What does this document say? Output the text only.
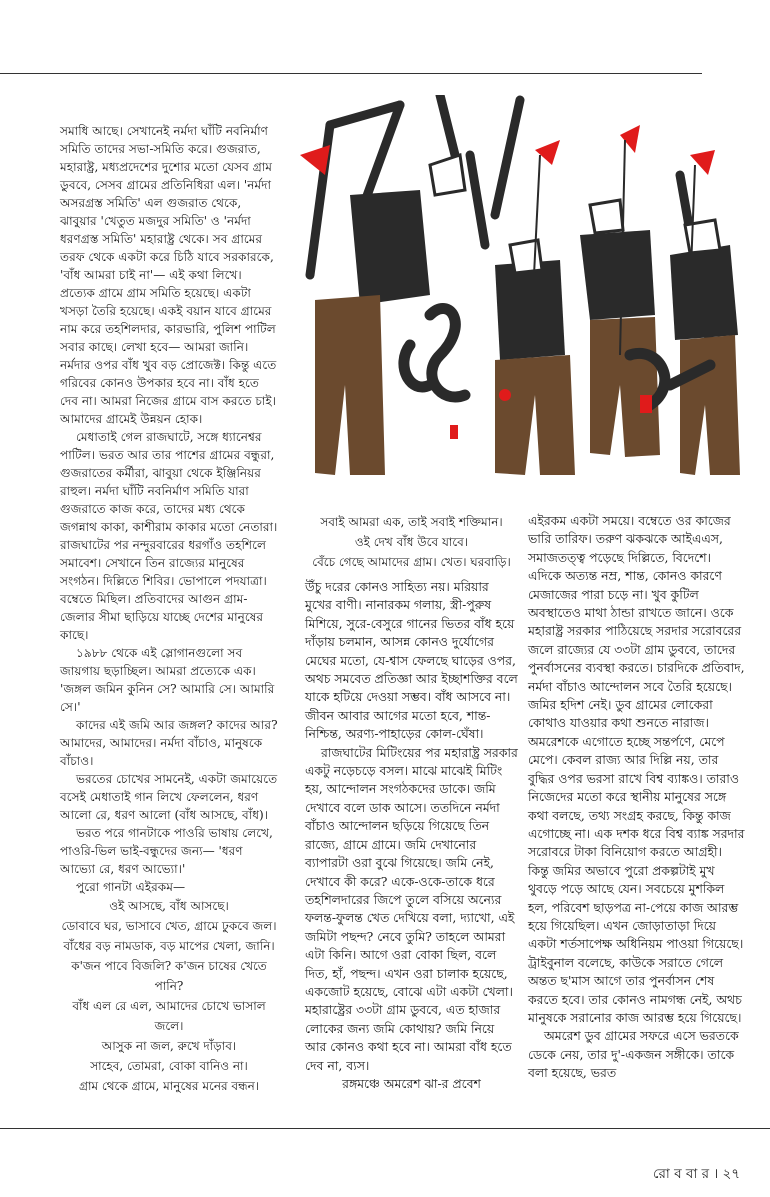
সমাধি আছে। সেখানেই নর্মদা ঘাঁটি নবনির্মাণ সমিতি তাদের সভা-সমিতি করে। গুজরাত, মহারাষ্ট্র, মধ্যপ্রদেশের দুশোর মতো যেসব গ্রাম ডুববে, সেসব গ্রামের প্রতিনিধিরা এল। 'নর্মদা অসরগ্রস্ত সমিতি' এল গুজরাত থেকে, ঝাবুয়ার 'খেতুত মজদুর সমিতি' ও 'নর্মদা ধরণগ্রস্ত সমিতি' মহারাষ্ট্র থেকে। সব গ্রামের তরফ থেকে একটা করে চিঠি যাবে সরকারকে, 'বাঁধ আমরা চাই না'— এই কথা লিখে। প্রত্যেক গ্রামে গ্রাম সমিতি হয়েছে। একটা খসড়া তৈরি হয়েছে। একই বয়ান যাবে গ্রামের নাম করে তহশিলদার, কারভারি, পুলিশ পাটিল সবার কাছে। লেখা হবে— আমরা জানি। নর্মদার ওপর বাঁধ খুব বড় প্রোজেক্ট। কিন্তু এতে গরিবের কোনও উপকার হবে না। বাঁধ হতে দেব না। আমরা নিজের গ্রামে বাস করতে চাই। আমাদের গ্রামেই উন্নয়ন হোক।

মেধাতাই গেল রাজঘাটে, সঙ্গে ধ্যানেশ্বর পাটিল। ভরত আর তার পাশের গ্রামের বন্ধুরা, গুজরাতের কর্মীরা, ঝাবুয়া থেকে ইঞ্জিনিয়র রাহুল। নর্মদা ঘাঁটি নবনির্মাণ সমিতি যারা গুজরাতে কাজ করে, তাদের মধ্য থেকে জগন্নাথ কাকা, কাশীরাম কাকার মতো নেতারা। রাজঘাটের পর নন্দুরবারের ধরগাঁও তহশিলে সমাবেশ। সেখানে তিন রাজ্যের মানুষের সংগঠন। দিল্লিতে শিবির। ভোপালে পদযাত্রা। বম্বেতে মিছিল। প্রতিবাদের আগুন গ্রাম-জেলার সীমা ছাড়িয়ে যাচ্ছে দেশের মানুষের কাছে।

১৯৮৮ থেকে এই স্লোগানগুলো সব জায়গায় ছড়াচ্ছিল। আমরা প্রত্যেকে এক। 'জঙ্গল জমিন কুনিন সে? আমারি সে। আমারি সে।'

কাদের এই জমি আর জঙ্গল? কাদের আর? আমাদের, আমাদের। নর্মদা বাঁচাও, মানুষকে বাঁচাও।

ভরতের চোখের সামনেই, একটা জমায়েতে বসেই মেধাতাই গান লিখে ফেললেন, ধরণ আলো রে, ধরণ আলো (বাঁধ আসছে, বাঁধ)।

ভরত পরে গানটাকে পাওরি ভাষায় লেখে, পাওরি-ভিল ভাই-বন্ধুদের জন্য— 'ধরণ আভ্যো রে, ধরণ আভ্যো।'

পুরো গানটা এইরকম—

ওই আসছে, বাঁধ আসছে।

ডোবাবে ঘর, ভাসাবে খেত, গ্রামে ঢুকবে জল।

বাঁধের বড় নামডাক, বড় মাপের খেলা, জানি।

ক'জন পাবে বিজলি? ক'জন চাষের খেতে পানি?

বাঁধ এল রে এল, আমাদের চোখে ভাসাল জলে।

আসুক না জল, রুখে দাঁড়াব।

সাহেব, তোমরা, বোকা বানিও না।

গ্রাম থেকে গ্রামে, মানুষের মনের বন্ধন।

সবাই আমরা এক, তাই সবাই শক্তিমান।

ওই দেখ বাঁধ উবে যাবে।

বেঁচে গেছে আমাদের গ্রাম। খেত। ঘরবাড়ি।

উঁচু দরের কোনও সাহিত্য নয়। মরিয়ার মুখের বাণী। নানারকম গলায়, স্ত্রী-পুরুষ মিশিয়ে, সুরে-বেসুরে গানের ভিতর বাঁধ হয়ে দাঁড়ায় চলমান, আসন্ন কোনও দুর্যোগের মেঘের মতো, যে-শ্বাস ফেলছে ঘাড়ের ওপর, অথচ সমবেত প্রতিজ্ঞা আর ইচ্ছাশক্তির বলে যাকে হটিয়ে দেওয়া সম্ভব। বাঁধ আসবে না। জীবন আবার আগের মতো হবে, শান্ত-নিশ্চিন্ত, অরণ্য-পাহাড়ের কোল-ঘেঁষা।

রাজঘাটের মিটিংয়ের পর মহারাষ্ট্র সরকার একটু নড়েচড়ে বসল। মাঝে মাঝেই মিটিং হয়, আন্দোলন সংগঠকদের ডাকে। জমি দেখাবে বলে ডাক আসে। ততদিনে নর্মদা বাঁচাও আন্দোলন ছড়িয়ে গিয়েছে তিন রাজ্যে, গ্রামে গ্রামে। জমি দেখানোর ব্যাপারটা ওরা বুঝে গিয়েছে। জমি নেই, দেখাবে কী করে? একে-ওকে-তাকে ধরে তহশিলদারের জিপে তুলে বসিয়ে অন্যের ফলন্ত-ফুলন্ত খেত দেখিয়ে বলা, দ্যাখো, এই জমিটা পছন্দ? নেবে তুমি? তাহলে আমরা এটা কিনি। আগে ওরা বোকা ছিল, বলে দিত, হাঁ, পছন্দ। এখন ওরা চালাক হয়েছে, একজোট হয়েছে, বোঝে এটা একটা খেলা। মহারাষ্ট্রের ৩৩টা গ্রাম ডুববে, এত হাজার লোকের জন্য জমি কোথায়? জমি নিয়ে আর কোনও কথা হবে না। আমরা বাঁধ হতে দেব না, ব্যস।

রঙ্গমঞ্চে অমরেশ ঝা-র প্রবেশ

এইরকম একটা সময়ে। বম্বেতে ওর কাজের ভারি তারিফ। তরুণ ঝকঝকে আইএএস, সমাজতত্ত্ব পড়েছে দিল্লিতে, বিদেশে। এদিকে অত্যন্ত নম্র, শান্ত, কোনও কারণে মেজাজের পারা চড়ে না। খুব কুটিল অবস্থাতেও মাথা ঠান্ডা রাখতে জানে। ওকে মহারাষ্ট্র সরকার পাঠিয়েছে সরদার সরোবরের জলে রাজ্যের যে ৩৩টা গ্রাম ডুববে, তাদের পুনর্বাসনের ব্যবস্থা করতে। চারদিকে প্রতিবাদ, নর্মদা বাঁচাও আন্দোলন সবে তৈরি হয়েছে। জমির হদিশ নেই। ডুব গ্রামের লোকেরা কোথাও যাওয়ার কথা শুনতে নারাজ। অমরেশকে এগোতে হচ্ছে সন্তর্পণে, মেপে মেপে। কেবল রাজ্য আর দিল্লি নয়, তার বুদ্ধির ওপর ভরসা রাখে বিশ্ব ব্যাঙ্কও। তারাও নিজেদের মতো করে স্থানীয় মানুষের সঙ্গে কথা বলছে, তথ্য সংগ্রহ করছে, কিন্তু কাজ এগোচ্ছে না। এক দশক ধরে বিশ্ব ব্যাঙ্ক সরদার সরোবরে টাকা বিনিয়োগ করতে আগ্রহী। কিন্তু জমির অভাবে পুরো প্রকল্পটাই মুখ থুবড়ে পড়ে আছে যেন। সবচেয়ে মুশকিল হল, পরিবেশ ছাড়পত্র না-পেয়ে কাজ আরম্ভ হয়ে গিয়েছিল। এখন জোড়াতাড়া দিয়ে একটা শর্তসাপেক্ষ অধিনিয়ম পাওয়া গিয়েছে। ট্রাইবুনাল বলেছে, কাউকে সরাতে গেলে অন্তত ছ'মাস আগে তার পুনর্বাসন শেষ করতে হবে। তার কোনও নামগন্ধ নেই, অথচ মানুষকে সরানোর কাজ আরম্ভ হয়ে গিয়েছে।

অমরেশ ডুব গ্রামের সফরে এসে ভরতকে ডেকে নেয়, তার দু'-একজন সঙ্গীকে। তাকে বলা হয়েছে, ভরত

রো ব বা র । ২৭
